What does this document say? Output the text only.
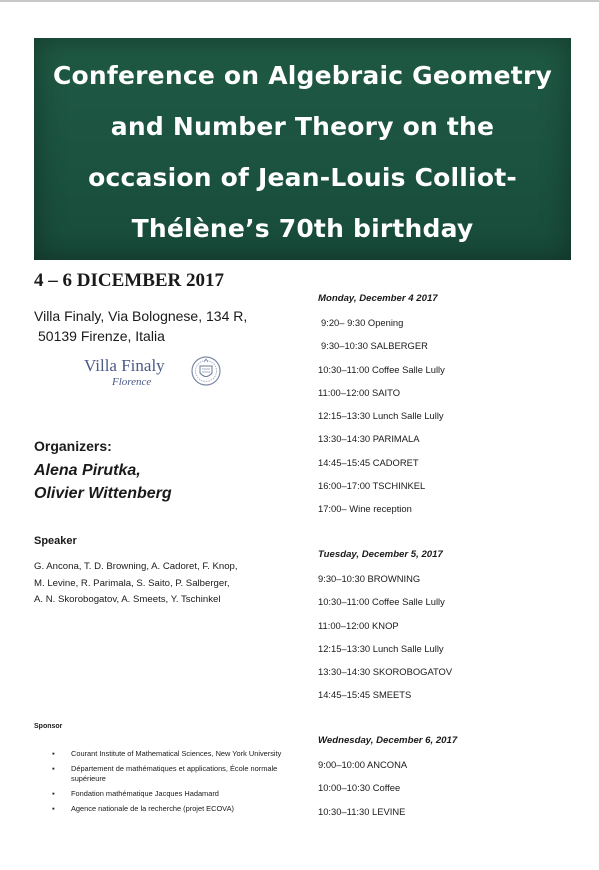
Conference on Algebraic Geometry
and Number Theory on the
occasion of Jean-Louis Colliot-
Thélène’s 70th birthday
4 – 6 DICEMBER 2017
Villa Finaly, Via Bolognese, 134 R,
50139 Firenze, Italia
Villa Finaly
Florence
Organizers:
Alena Pirutka,
Olivier Wittenberg
Speaker
G. Ancona, T. D. Browning, A. Cadoret, F. Knop,
M. Levine, R. Parimala, S. Saito, P. Salberger,
A. N. Skorobogatov, A. Smeets, Y. Tschinkel
Sponsor
▪ Courant Institute of Mathematical Sciences, New York University
▪ Département de mathématiques et applications, École normale supérieure
▪ Fondation mathématique Jacques Hadamard
▪ Agence nationale de la recherche (projet ECOVA)
Monday, December 4 2017
9:20– 9:30 Opening
9:30–10:30 SALBERGER
10:30–11:00 Coffee Salle Lully
11:00–12:00 SAITO
12:15–13:30 Lunch Salle Lully
13:30–14:30 PARIMALA
14:45–15:45 CADORET
16:00–17:00 TSCHINKEL
17:00– Wine reception
Tuesday, December 5, 2017
9:30–10:30 BROWNING
10:30–11:00 Coffee Salle Lully
11:00–12:00 KNOP
12:15–13:30 Lunch Salle Lully
13:30–14:30 SKOROBOGATOV
14:45–15:45 SMEETS
Wednesday, December 6, 2017
9:00–10:00 ANCONA
10:00–10:30 Coffee
10:30–11:30 LEVINE
